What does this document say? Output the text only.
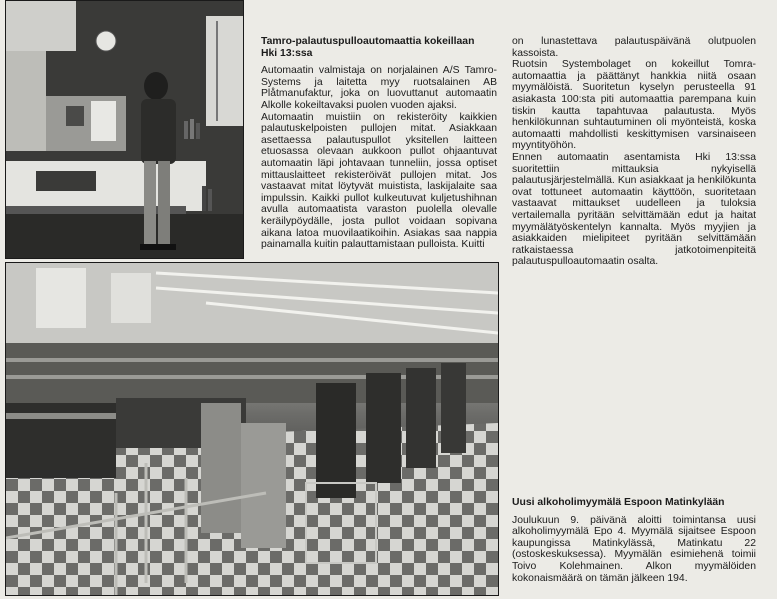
Tamro-palautuspulloautomaattia kokeillaan
Hki 13:ssa

Automaatin valmistaja on norjalainen A/S Tamro-Systems ja laitetta myy ruotsalainen AB Plåtmanufaktur, joka on luovuttanut automaatin Alkolle kokeiltavaksi puolen vuoden ajaksi.

Automaatin muistiin on rekisteröity kaikkien palautuskelpoisten pullojen mitat. Asiakkaan asettaessa palautuspullot yksitellen laitteen etuosassa olevaan aukkoon pullot ohjaantuvat automaatin läpi johtavaan tunneliin, jossa optiset mittauslaitteet rekisteröivät pullojen mitat. Jos vastaavat mitat löytyvät muistista, laskijalaite saa impulssin. Kaikki pullot kulkeutuvat kuljetushihnan avulla automaatista varaston puolella olevalle keräilypöydälle, josta pullot voidaan sopivana aikana latoa muovilaatikoihin. Asiakas saa nappia painamalla kuitin palauttamistaan pulloista. Kuitti

on lunastettava palautuspäivänä olutpuolen kassoista.

Ruotsin Systembolaget on kokeillut Tomra-automaattia ja päättänyt hankkia niitä osaan myymälöistä. Suoritetun kyselyn perusteella 91 asiakasta 100:sta piti automaattia parempana kuin tiskin kautta tapahtuvaa palautusta. Myös henkilökunnan suhtautuminen oli myönteistä, koska automaatti mahdollisti keskittymisen varsinaiseen myyntityöhön.

Ennen automaatin asentamista Hki 13:ssa suoritettiin mittauksia nykyisellä palautusjärjestelmällä. Kun asiakkaat ja henkilökunta ovat tottuneet automaatin käyttöön, suoritetaan vastaavat mittaukset uudelleen ja tuloksia vertailemalla pyritään selvittämään edut ja haitat myymälätyöskentelyn kannalta. Myös myyjien ja asiakkaiden mielipiteet pyritään selvittämään ratkaistaessa jatkotoimenpiteitä palautuspulloautomaatin osalta.

Uusi alkoholimyymälä Espoon Matinkylään

Joulukuun 9. päivänä aloitti toimintansa uusi alkoholimyymälä Epo 4. Myymälä sijaitsee Espoon kaupungissa Matinkylässä, Matinkatu 22 (ostoskeskuksessa). Myymälän esimiehenä toimii Toivo Kolehmainen. Alkon myymälöiden kokonaismäärä on tämän jälkeen 194.
